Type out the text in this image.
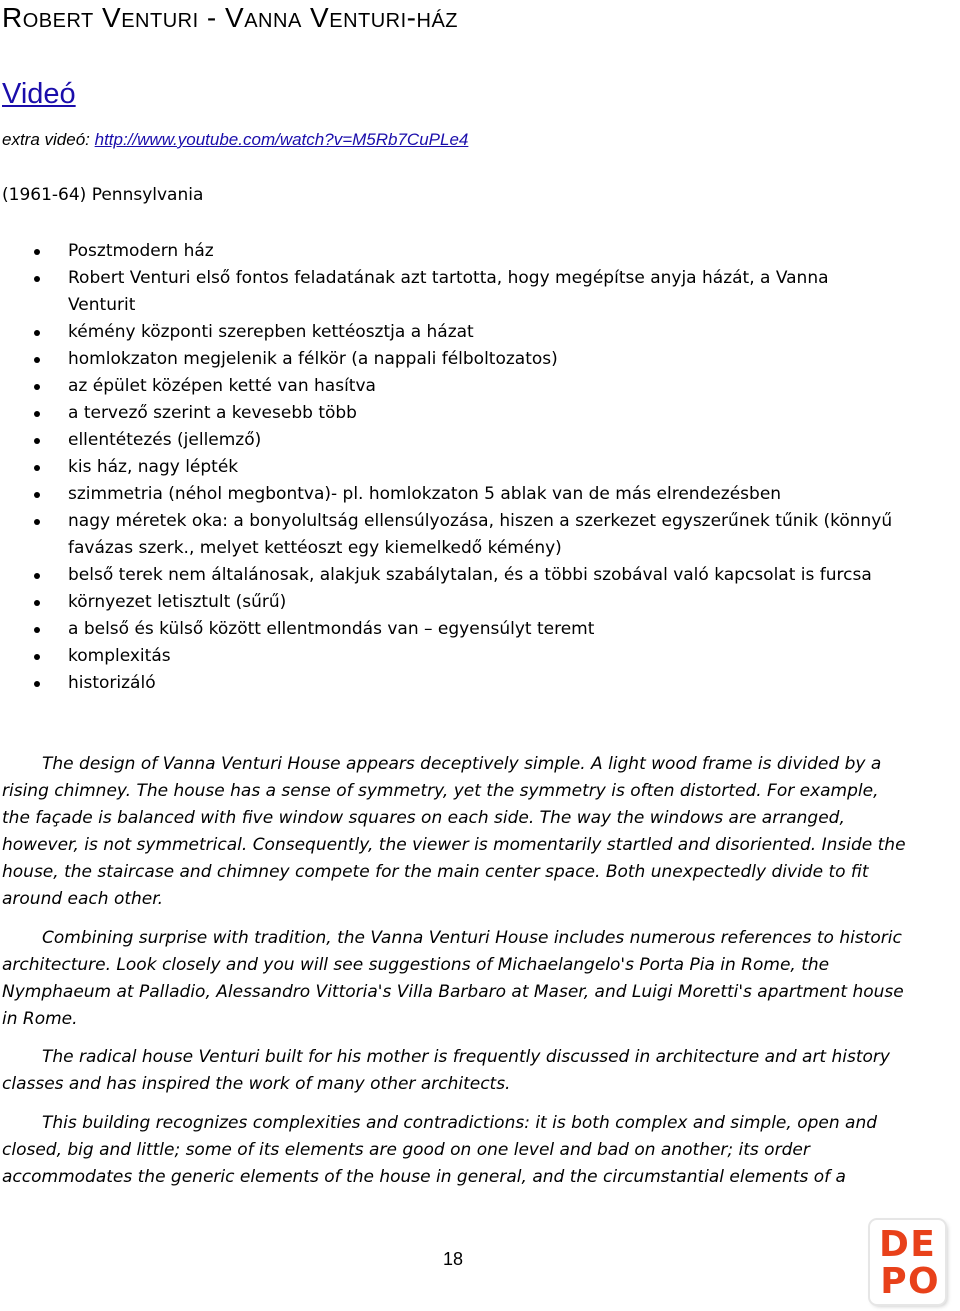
Robert Venturi - Vanna Venturi-ház
Videó
extra videó: http://www.youtube.com/watch?v=M5Rb7CuPLe4
(1961-64) Pennsylvania
Posztmodern ház
Robert Venturi első fontos feladatának azt tartotta, hogy megépítse anyja házát, a Vanna Venturit
kémény központi szerepben kettéosztja a házat
homlokzaton megjelenik a félkör (a nappali félboltozatos)
az épület középen ketté van hasítva
a tervező szerint a kevesebb több
ellentétezés (jellemző)
kis ház, nagy lépték
szimmetria (néhol megbontva)- pl. homlokzaton 5 ablak van de más elrendezésben
nagy méretek oka: a bonyolultság ellensúlyozása, hiszen a szerkezet egyszerűnek tűnik (könnyű favázas szerk., melyet kettéoszt egy kiemelkedő kémény)
belső terek nem általánosak, alakjuk szabálytalan, és a többi szobával való kapcsolat is furcsa
környezet letisztult (sűrű)
a belső és külső között ellentmondás van – egyensúlyt teremt
komplexitás
historizáló

The design of Vanna Venturi House appears deceptively simple. A light wood frame is divided by a rising chimney. The house has a sense of symmetry, yet the symmetry is often distorted. For example, the façade is balanced with five window squares on each side. The way the windows are arranged, however, is not symmetrical. Consequently, the viewer is momentarily startled and disoriented. Inside the house, the staircase and chimney compete for the main center space. Both unexpectedly divide to fit around each other.

Combining surprise with tradition, the Vanna Venturi House includes numerous references to historic architecture. Look closely and you will see suggestions of Michaelangelo's Porta Pia in Rome, the Nymphaeum at Palladio, Alessandro Vittoria's Villa Barbaro at Maser, and Luigi Moretti's apartment house in Rome.

The radical house Venturi built for his mother is frequently discussed in architecture and art history classes and has inspired the work of many other architects.

This building recognizes complexities and contradictions: it is both complex and simple, open and closed, big and little; some of its elements are good on one level and bad on another; its order accommodates the generic elements of the house in general, and the circumstantial elements of a

18	D E
P O
